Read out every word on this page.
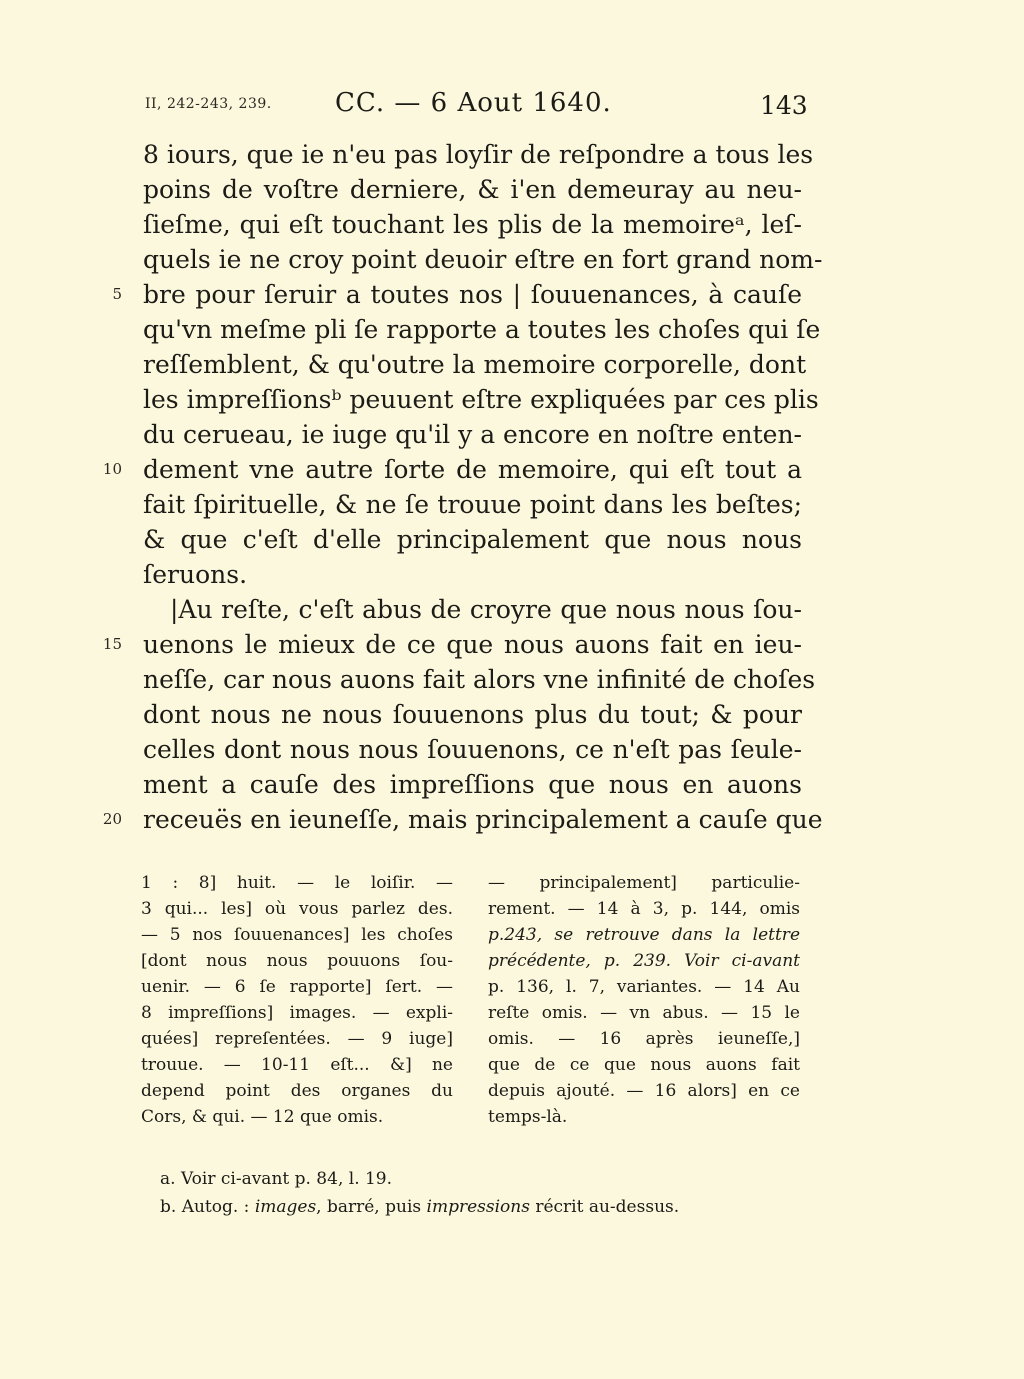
II, 242-243, 239. CC. — 6 Aout 1640.	143
8 iours, que ie n'eu pas loyſir de reſpondre a tous les
poins de voſtre derniere, & i'en demeuray au neu-
ſieſme, qui eſt touchant les plis de la memoireᵃ, leſ-
quels ie ne croy point deuoir eſtre en fort grand nom-
5 bre pour ſeruir a toutes nos | ſouuenances, à cauſe
qu'vn meſme pli ſe rapporte a toutes les choſes qui ſe
reſſemblent, & qu'outre la memoire corporelle, dont
les impreſſionsᵇ peuuent eſtre expliquées par ces plis
du cerueau, ie iuge qu'il y a encore en noſtre enten-
10 dement vne autre ſorte de memoire, qui eſt tout a
fait ſpirituelle, & ne ſe trouue point dans les beſtes;
& que c'eſt d'elle principalement que nous nous
ſeruons.
|Au reſte, c'eſt abus de croyre que nous nous ſou-
15 uenons le mieux de ce que nous auons fait en ieu-
neſſe, car nous auons fait alors vne infinité de choſes
dont nous ne nous ſouuenons plus du tout; & pour
celles dont nous nous ſouuenons, ce n'eſt pas ſeule-
ment a cauſe des impreſſions que nous en auons
20 receuës en ieuneſſe, mais principalement a cauſe que
1 : 8] huit. — le loiſir. —
3 qui... les] où vous parlez des.
— 5 nos ſouuenances] les choſes
[dont nous nous pouuons ſou-
uenir. — 6 ſe rapporte] ſert. —
8 impreſſions] images. — expli-
quées] repreſentées. — 9 iuge]
trouue. — 10-11 eſt... &] ne
depend point des organes du
Cors, & qui. — 12 que omis.
— principalement] particulie-
rement. — 14 à 3, p. 144, omis
p.243, se retrouve dans la lettre
précédente, p. 239. Voir ci-avant
p. 136, l. 7, variantes. — 14 Au
reſte omis. — vn abus. — 15 le
omis. — 16 après ieuneſſe,]
que de ce que nous auons fait
depuis ajouté. — 16 alors] en ce
temps-là.
a. Voir ci-avant p. 84, l. 19.
b. Autog. : images, barré, puis impressions récrit au-dessus.
